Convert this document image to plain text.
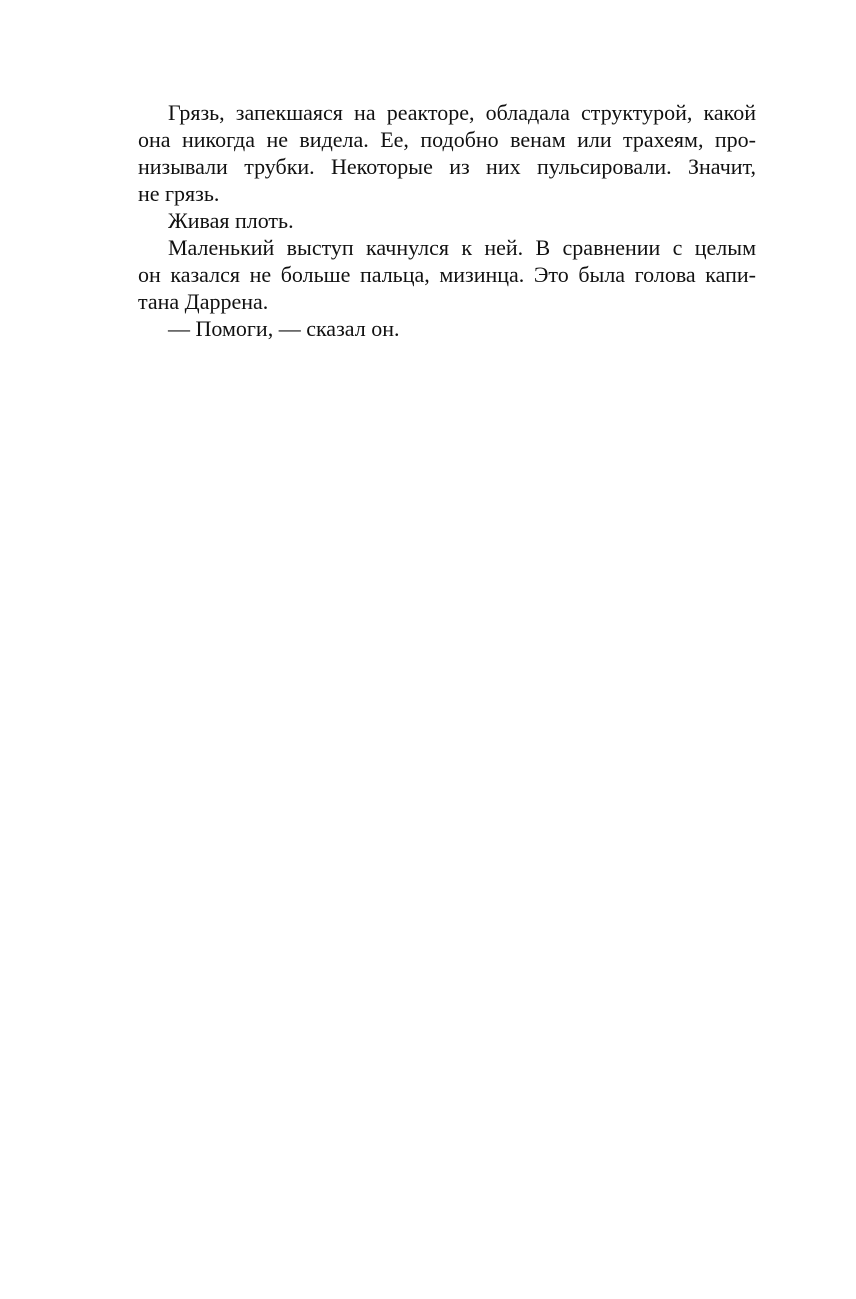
Грязь, запекшаяся на реакторе, обладала структурой, какой
она никогда не видела. Ее, подобно венам или трахеям, про-
низывали трубки. Некоторые из них пульсировали. Значит,
не грязь.
Живая плоть.
Маленький выступ качнулся к ней. В сравнении с целым
он казался не больше пальца, мизинца. Это была голова капи-
тана Даррена.
— Помоги, — сказал он.
